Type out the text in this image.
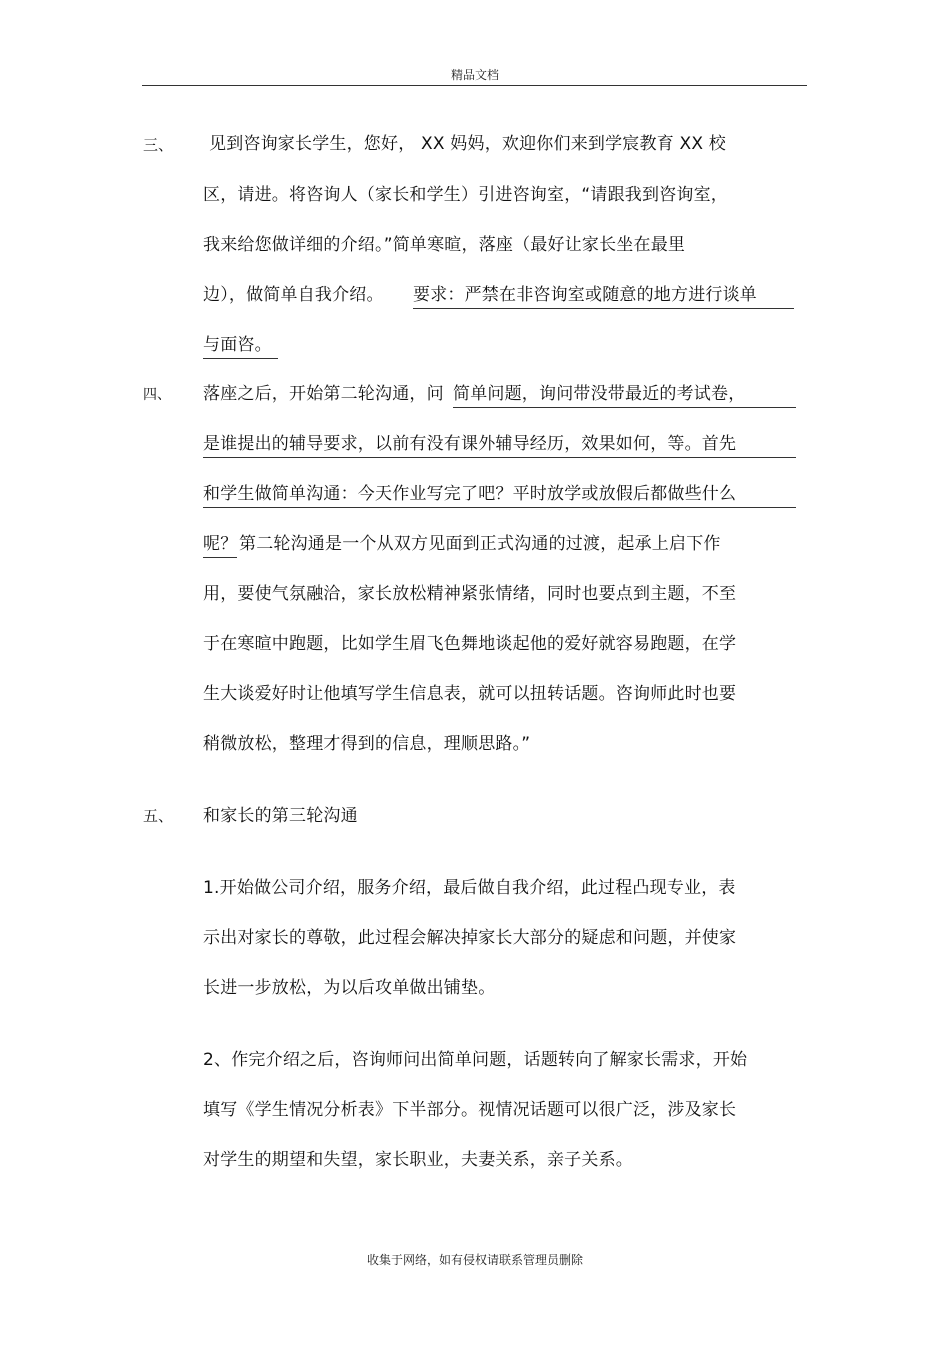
精品文档
三、 见到咨询家长学生，您好， XX 妈妈，欢迎你们来到学宸教育 XX 校
区，请进。将咨询人（家长和学生）引进咨询室，“请跟我到咨询室，
我来给您做详细的介绍。”简单寒暄，落座（最好让家长坐在最里
边），做简单自我介绍。 要求：严禁在非咨询室或随意的地方进行谈单
与面咨。
四、 落座之后，开始第二轮沟通，问 简单问题，询问带没带最近的考试卷，
是谁提出的辅导要求，以前有没有课外辅导经历，效果如何，等。首先
和学生做简单沟通：今天作业写完了吧？平时放学或放假后都做些什么
呢？ 第二轮沟通是一个从双方见面到正式沟通的过渡，起承上启下作
用，要使气氛融洽，家长放松精神紧张情绪，同时也要点到主题，不至
于在寒暄中跑题，比如学生眉飞色舞地谈起他的爱好就容易跑题，在学
生大谈爱好时让他填写学生信息表，就可以扭转话题。咨询师此时也要
稍微放松，整理才得到的信息，理顺思路。”
五、 和家长的第三轮沟通
1.开始做公司介绍，服务介绍，最后做自我介绍，此过程凸现专业，表
示出对家长的尊敬，此过程会解决掉家长大部分的疑虑和问题，并使家
长进一步放松，为以后攻单做出铺垫。
2、作完介绍之后，咨询师问出简单问题，话题转向了解家长需求，开始
填写《学生情况分析表》下半部分。视情况话题可以很广泛，涉及家长
对学生的期望和失望，家长职业，夫妻关系，亲子关系。
收集于网络，如有侵权请联系管理员删除
